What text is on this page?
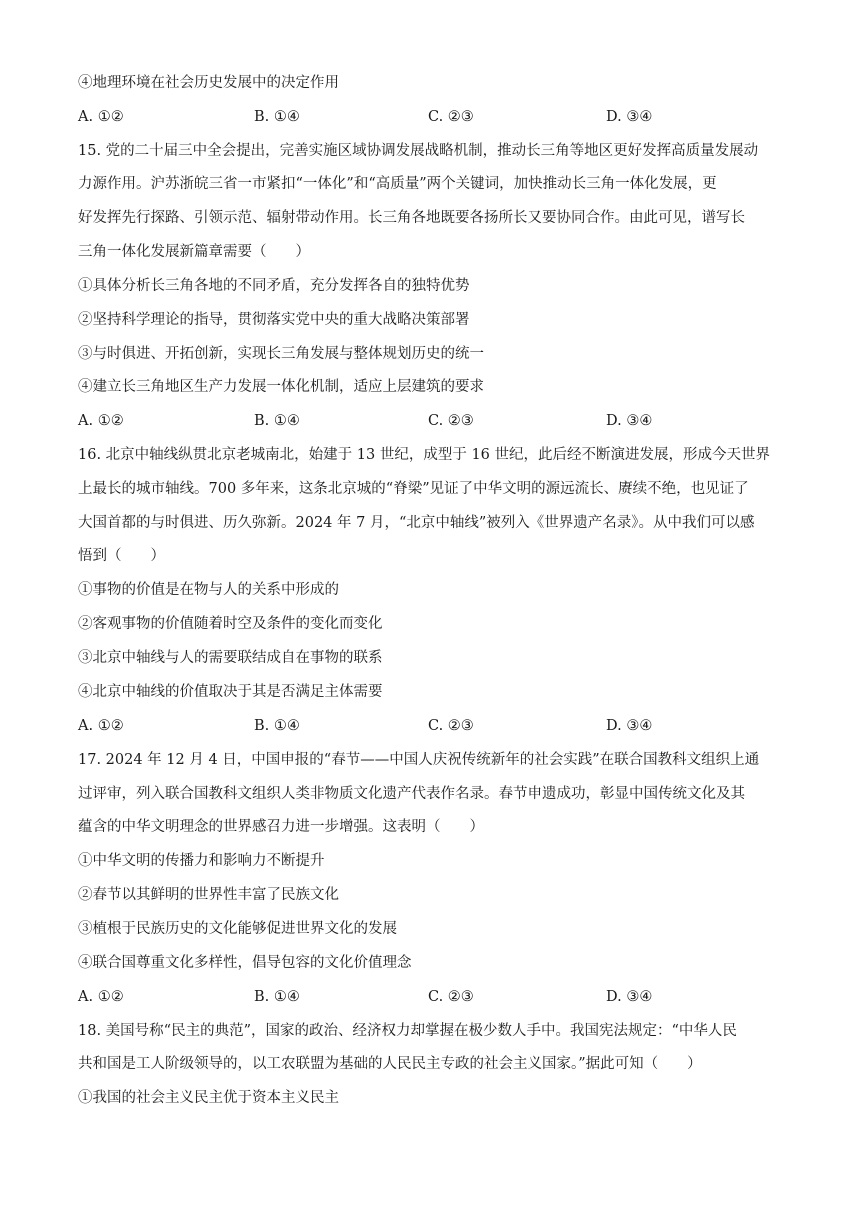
④地理环境在社会历史发展中的决定作用
A. ①②	B. ①④	C. ②③	D. ③④
15. 党的二十届三中全会提出，完善实施区域协调发展战略机制，推动长三角等地区更好发挥高质量发展动
力源作用。沪苏浙皖三省一市紧扣“一体化”和“高质量”两个关键词，加快推动长三角一体化发展，更
好发挥先行探路、引领示范、辐射带动作用。长三角各地既要各扬所长又要协同合作。由此可见，谱写长
三角一体化发展新篇章需要（　　）
①具体分析长三角各地的不同矛盾，充分发挥各自的独特优势
②坚持科学理论的指导，贯彻落实党中央的重大战略决策部署
③与时俱进、开拓创新，实现长三角发展与整体规划历史的统一
④建立长三角地区生产力发展一体化机制，适应上层建筑的要求
A. ①②	B. ①④	C. ②③	D. ③④
16. 北京中轴线纵贯北京老城南北，始建于 13 世纪，成型于 16 世纪，此后经不断演进发展，形成今天世界
上最长的城市轴线。700 多年来，这条北京城的“脊梁”见证了中华文明的源远流长、赓续不绝，也见证了
大国首都的与时俱进、历久弥新。2024 年 7 月，“北京中轴线”被列入《世界遗产名录》。从中我们可以感
悟到（　　）
①事物的价值是在物与人的关系中形成的
②客观事物的价值随着时空及条件的变化而变化
③北京中轴线与人的需要联结成自在事物的联系
④北京中轴线的价值取决于其是否满足主体需要
A. ①②	B. ①④	C. ②③	D. ③④
17. 2024 年 12 月 4 日，中国申报的“春节——中国人庆祝传统新年的社会实践”在联合国教科文组织上通
过评审，列入联合国教科文组织人类非物质文化遗产代表作名录。春节申遗成功，彰显中国传统文化及其
蕴含的中华文明理念的世界感召力进一步增强。这表明（　　）
①中华文明的传播力和影响力不断提升
②春节以其鲜明的世界性丰富了民族文化
③植根于民族历史的文化能够促进世界文化的发展
④联合国尊重文化多样性，倡导包容的文化价值理念
A. ①②	B. ①④	C. ②③	D. ③④
18. 美国号称“民主的典范”，国家的政治、经济权力却掌握在极少数人手中。我国宪法规定：“中华人民
共和国是工人阶级领导的，以工农联盟为基础的人民民主专政的社会主义国家。”据此可知（　　）
①我国的社会主义民主优于资本主义民主
